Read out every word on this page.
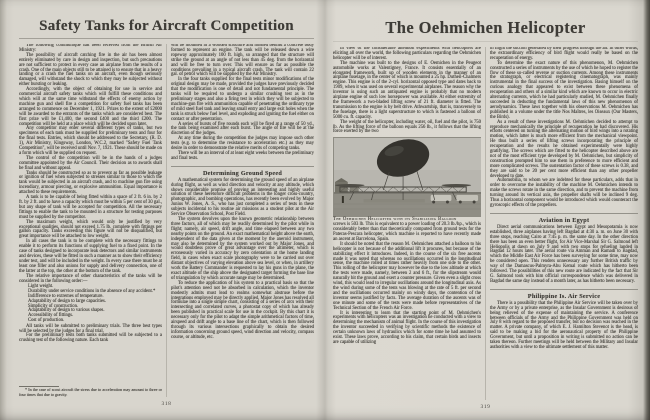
Safety Tanks for Aircraft Competition

The following communique has been received from the British Air Ministry:

The possibility of aircraft catching fire in the air has been almost entirely eliminated by care in design and inspection, but such precautions are not sufficient to protect in every case an airplane from the results of a crash. One of the main objects still to be attained is to ensure that in a heavy landing or a crash the fuel tanks on an aircraft, even though seriously damaged, will withstand the shock to which they may be subjected without either bursting or leaking.

Accordingly, with the object of obtaining for use in service and commercial aircraft safety tanks which will fulfill these conditions and which will at the same time withstand the effects of enemy action by machine gun and shell fire a competition for safety fuel tanks has been arranged to commence on December 1, 1921. Prizes to the extent of £2000 will be awarded to the entrants of the tanks which are considered best. The first prize will be £1,400, the second £400 and the third £200. The competition will be held at a place which will be decided upon later.

Any competitor may enter several different types of tanks, but two specimens of each tank must be supplied for preliminary tests and four for the final tests. Entries, which should be addressed to the Secretary, (R. D. 1), Air Ministry, Kingsway, London, W.C.2, marked "Safety Fuel Tank Competition", will be received until Nov. 7, 1921. These should be made on a form which will be supplied on request.

The control of the competition will be in the hands of a judges committee appointed by the Air Council. Their decision as to awards shall be final and without appeal.

Tanks should be constructed so as to prevent as far as possible leakage or ignition of fuel when subjected to stresses similar to those to which the tank would be subjected in an aircraft crash, and to machine gun fire using incendiary, armour piercing, or explosive ammunition. Equal importance is attached to these requirements.

A tank is to be capable of being fitted within a space of 2 ft. 6 in. by 2 ft. by 2 ft. and to have a capacity which must be within 5 per cent of 30 gal., but any shape of tank will be accepted for competition. All the necessary fittings to enable the tank to be mounted in a structure for testing purposes must be supplied by the competitor.

The maximum weight, which would only be justified by very exceptional qualities, should not exceed 1.75 lb. complete with fittings per gallon capacity. Tanks exceeding this figure will not be disqualified, but great importance will be attached to low weight.

In all cases the tank is to be complete with the necessary fittings to enable it to perform its functions of supplying fuel to a fixed point. In the case of tanks designed to incorporate leak detectors and similar instruments and devices, these will be fitted in such a manner as to show their efficiency under test, and will be included in the weight. In every case there must be at least one filler and also unions for supply and delivery connection, one of the latter at the top, the other at the bottom of the tank.

The relative importance of other characteristics of the tanks will be considered in the following order:—

Light weight.

Durability under service conditions in the absence of any accident.*

Indifference to extremes of temperature.

Adaptability of design to large capacities.

Simplicity of construction.

Adaptability of design to various shapes.

Accessibility of fittings.

Cost of production.

All tanks will be submitted to preliminary trials. The three best types will be selected by the judges for a final trial.

For the preliminary tests both tanks submitted will be subjected to a crushing test of the following nature. Each tank

* In the case of scout aircraft the stress due to acceleration may amount to three or four times that due to gravity.

will be mounted in a wooden structure and hoisted behind a concrete body formed to represent an engine. The tank will be released down a wire ropeway approximately 100 ft. high, so arranged that the structure will strike the ground at an angle of not less than 45 deg. from the horizontal and will be free to turn over. This will ensure as far as possible the conditions prevailing in a typical aircraft crash. The tank will contain 22 gal. of petrol which will be supplied by the Air Ministry.

In the four tanks supplied for the final tests minor modifications of the original design may be made, provided the judges have previously decided that the modification is one of detail and not fundamental principle. The tanks will be required to undergo a similar crushing test as in the preliminary stages and also a firing test in which they will be subjected to machine-gun fire with ammunition capable of penetrating the ordinary type of mild steel fuel tank and leaving small entry and large exit holes when the tank is struck below fuel level, and exploding and igniting the fuel either on contact or after penetration.

A series of bursts of five rounds each will be fired at a range of 50 yd., the tank being examined after each burst. The angle of fire will be at the discretion of the judges.

At any time during the competition the judges may impose such other tests (e.g. to determine the resistance to acceleration etc.) as they may desire in order to demonstrate the relative merits of competing tanks.

There will be an interval of at least eight weeks between the preliminary and final tests.

Determining Ground Speed

A mathematical system for determining the ground speed of an airplane during flight, as well as wind direction and velocity at any altitude, which shows considerable promise of proving an interesting and highly useful solution of these heretofore difficult problems in the longer cross-country, photographic, and bombing operations, has recently been evolved by Major Junius W. Jones, A. S., who has just completed a series of tests in these subjects incidental to his routine air missions as a student pilot at the Air Service Observation School, Post Field.

The system devolves upon the known geometric relationship between three factors, all of which may be readily determined by the pilot while in flight; namely, air speed, drift angle, and time elapsed between any two nearby points on the ground. An exact mathematical height above the earth, independent of the data given at the moment by the aneroid instrument, may also be determined by the system worked out by Major Jones, and would doubtless prove of great advantage over the altimeter, which is erroneously varied in accuracy by zero orientation at the home landing field, in cases when exact scale photography were to be carried out over distant objectives of varying elevation above sea level, or when, in artillery work the Battery Commander is requested to lay his guns in the plane, the exact altitude of the ship above the designated target forming the base line of triangulation by which accurate range may be determined.

To reduce the application of his system to a practical basis so that the pilot's attention need not be absorbed in calculation, which the inventor modestly admits must lead to realms somewhat abstruse before the integrations employed may be directly applied, Major Jones has resolved all formulae into a single simple chart, consisting of a series of arcs with their intersecting and correlated curves, a photostat copy of which has already been published in practical scale for use in the cockpit. By this chart it is necessary only for the pilot to adapt the simple arithmetical factors of time, airspeed and drift angle to a base line of the chart, which is then followed through its various intersections graphically to obtain the desired information concerning ground speed, wind direction and velocity, compass course, or altitude, etc.

318
The Oehmichen Helicopter

In view of the considerable attention experiments with helicopters are eliciting all over the world, the following particulars regarding the Oehmichen helicopter will be of interest.

The machine was built to the designs of E. Oemichen in the Peugeot automobile works at Valentigney, France. It consists essentially of an elongated framework, built up of wooden elements in the manner of an airplane fuselage, in the center of which is mounted a 25 hp. Dutheil-Chalmers engine. This engine is of the 2-cyl. horizontal opposed type and dates back to 1909, when it was used on several experimental airplanes. The reason why the inventor is using such an antiquated engine is probably that no modern airplane engine of such low horsepower was available. At either extremity of the framework a two-bladed lifting screw of 21 ft. diameter is fitted. The transmission to the engine is by belt drive. Athwartship, that is, transversely to the fuselage, there is a light superstructure to which is fastened a balloon of 5000 cu. ft. capacity.

The weight of the helicopter, including water, oil, fuel and the pilot, is 750 lb. As the lifting force of the balloon equals 256 lb., it follows that the lifting force exerted by the two

The Oehmichen Helicopter with its Stabilizing Balloon

screws is 503 lb. This is equivalent to a power loading of 20.3 lb./hp., which is considerably better than that theoretically computed from ground tests for the Pateras-Pescara helicopter, which machine is reported to have recently made an ascent at Barcelona, Spain.

It should be noted that the reason M. Oehmichen attached a balloon to his helicopter is not because of the additional lift it procures, but because of the stabilizing effect it introduces. Indeed, in the course of the six free ascents made it was noted that whereas no oscillations occurred in the longitudinal sense, the machine rolled at times rather heavily from one side to the other. This rolling of the helicopter may however be due to the low altitude at which the tests were made, namely, between 2 and 6 ft., for the slipstream would naturally hit the ground and exert a counter pressure. Given even a slight cross wind, this would lead to irregular oscillations around the longitudinal axis. As the wind during some of the tests was blowing at the rate of 5 ft. per second and the oscillations occurred mainly on windy days, the contention of the inventor seems justified by facts. The average duration of the ascents was of one minute and some of the tests were made before representatives of the Technical Section of the French Air Force.

It is interesting to learn that the starting point of M. Oehmichen's experiments with helicopters was an investigation he conducted with a view to determining the mechanism of animal flight. In the course of this investigation the inventor succeeded in verifying by scientific methods the existence of certain unknown laws of hydraulics which for some time he had assumed to exist. These laws prove, according to his claim, that certain birds and insects are capable of utilizing

in flight the suction generated by their progress through the air. In other words, the extraordinary efficiency of bird flight would really be based on the recuperation of energy.

To determine the exact nature of this phenomenon, M. Oehmichen constructed a series of instruments by the use of which he hoped to register the flow of these so-called reverse or suction currents. Among these instruments the stratograph, or electrical registering cinematograph, was mainly instrumental in the final success of the investigation. Basing himself on the curious analogy that appeared to exist between these phenomena of recuperation and others of a similar kind which are known to occur in electric alternating currents, which he had particularly studied, M. Oehmichen finally succeeded in deducting the fundamental laws of this new phenomenon of aerodynamics. These laws together with his observations M. Oehmichen has published in a volume under the title Nos Maîtres, les Oiseaux (Our Masters, the Birds).

As a result of these investigations M. Oehmichen decided to attempt to reproduce mechanically the principle of recuperation he had discovered. His efforts centered on turning the alternating motion of bird wings into a rotating motion, which latter is much more efficient from the mechanical viewpoint. He thus built a series of lifting screws incorporating the principle of recuperation and the results he obtained experimentally were highly gratifying. The screws which are fitted to the helicopter described above are not of the most efficient type developed by M. Oehmichen, but simplicity of construction prompted him to use them in preference to more efficient and more complicated screws. The sustentation factor of these screws is 0.38, and they are said to be 20 per cent more efficient than any other propeller developed to date.

Automobilia, to whom we are indebted for these particulars, adds that in order to overcome the instability of the machine M. Oehmichen intends to make the screws rotate in the same direction, and to prevent the machine from turning around its vertical axis, the propeller shafts will be inclined 9 deg. Thus a horizontal component would be introduced which would counteract the gyroscopic effects of the propellers.

Aviation in Egypt

Direct aerial communications between Egypt and Mesopotamia is now established, three airplanes having left Bagdad at 4:30 a. m. on June 30 with three stops, reaching Cairo at 7:45 p. m. the same day. In the other direction there has been an even better flight, for Air Vice-Marshal Sir G. Salmond left Heliopolis at dawn on July 9 and with two stops for refueling landed in Bagdad 12 hours later. The aerial route via Amman and Ramadi to Bagdad, which the Middle East Air Force has been surveying for some time, may now be considered open. This renders unnecessary any further British traffic by way of the Damascus-Palmyra-Abu Kemal route which has hitherto been followed. The possibilities of this new route are indicated by the fact that Sir G. Salmond took with him official correspondence which was delivered in Bagdad the same day instead of a month later, as has hitherto been necessary.

Philippine Is. Air Service

There is a possibility that the Philippine Air Service will be taken over by the Army or by a private enterprise, as the Insular Government is desirous of being relieved of the expense of maintaining the service. A conference between officials of the Army and the Philippine Government was held on July 8 with regard to the proposed transfer, but no decision was reached in the matter. A private company, of which E. J. Hamilton Stevenot is the head, is said to be making a bid for the aeronautical property of the Philippine Government, but until a proposition in writing is submitted no action can be taken thereon. Further meetings will be held between the Military and Insular authorities with a view to the ultimate settlement of this matter.

319
